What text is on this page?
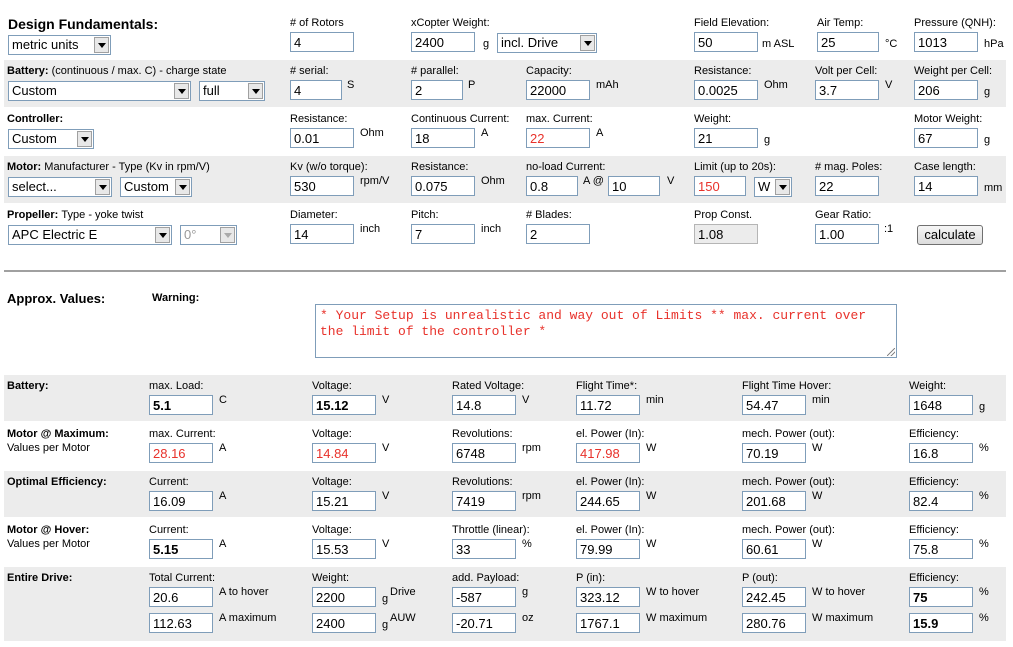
Design Fundamentals:
metric units
# of Rotors
4
xCopter Weight:
2400	g incl. Drive
Field Elevation:
50	m ASL
Air Temp:
25	°C
Pressure (QNH):
1013	hPa
Battery: (continuous / max. C) - charge state
Custom	full
# serial:
4	S
# parallel:
2	P
Capacity:
22000	mAh
Resistance:
0.0025	Ohm
Volt per Cell:
3.7	V
Weight per Cell:
206	g
Controller:
Custom
Resistance:
0.01	Ohm
Continuous Current:
18	A
max. Current:
22	A
Weight:
21	g
Motor Weight:
67	g
Motor: Manufacturer - Type (Kv in rpm/V)
select...	Custom
Kv (w/o torque):
530	rpm/V
Resistance:
0.075	Ohm
no-load Current:
0.8	A @ 10	V
Limit (up to 20s):
150	W
# mag. Poles:
22
Case length:
14	mm
Propeller: Type - yoke twist
APC Electric E	0°
Diameter:
14	inch
Pitch:
7	inch
# Blades:
2
Prop Const.
1.08
Gear Ratio:
1.00	:1	calculate
Approx. Values:	Warning:
* Your Setup is unrealistic and way out of Limits ** max. current over the limit of the controller *
Battery:	max. Load:
5.1	C
Voltage:
15.12	V
Rated Voltage:
14.8	V
Flight Time*:
11.72	min
Flight Time Hover:
54.47	min
Weight:
1648	g
Motor @ Maximum:
Values per Motor
max. Current:
28.16	A
Voltage:
14.84	V
Revolutions:
6748	rpm
el. Power (In):
417.98	W
mech. Power (out):
70.19	W
Efficiency:
16.8	%
Optimal Efficiency:	Current:
16.09	A
Voltage:
15.21	V
Revolutions:
7419	rpm
el. Power (In):
244.65	W
mech. Power (out):
201.68	W
Efficiency:
82.4	%
Motor @ Hover:
Values per Motor
Current:
5.15	A
Voltage:
15.53	V
Throttle (linear):
33	%
el. Power (In):
79.99	W
mech. Power (out):
60.61	W
Efficiency:
75.8	%
Entire Drive:	Total Current:
20.6	A to hover
112.63	A maximum
Weight:
2200	g
Drive
2400	g
AUW
add. Payload:
-587	g
-20.71	oz
P (in):
323.12	W to hover
1767.1	W maximum
P (out):
242.45	W to hover
280.76	W maximum
Efficiency:
75	%
15.9	%
